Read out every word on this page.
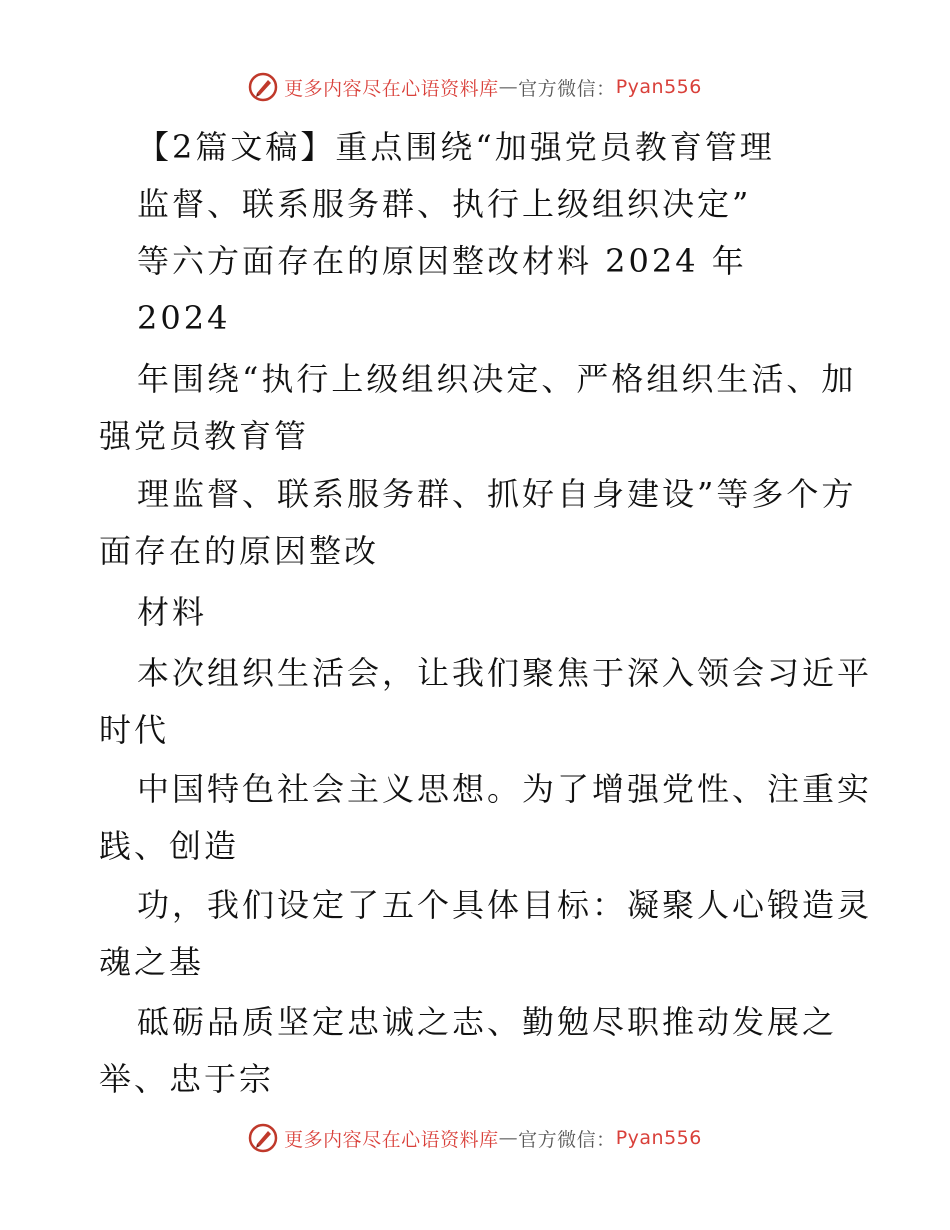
更多内容尽在心语资料库 — 官方微信： Pyan556
【2篇文稿】重点围绕“加强党员教育管理
监督、联系服务群、执行上级组织决定”
等六方面存在的原因整改材料 2024 年
2024
年围绕“执行上级组织决定、严格组织生活、加
强党员教育管
理监督、联系服务群、抓好自身建设”等多个方
面存在的原因整改
材料
本次组织生活会，让我们聚焦于深入领会习近平
时代
中国特色社会主义思想。为了增强党性、注重实
践、创造
功，我们设定了五个具体目标：凝聚人心锻造灵
魂之基
砥砺品质坚定忠诚之志、勤勉尽职推动发展之
举、忠于宗
更多内容尽在心语资料库 — 官方微信： Pyan556
